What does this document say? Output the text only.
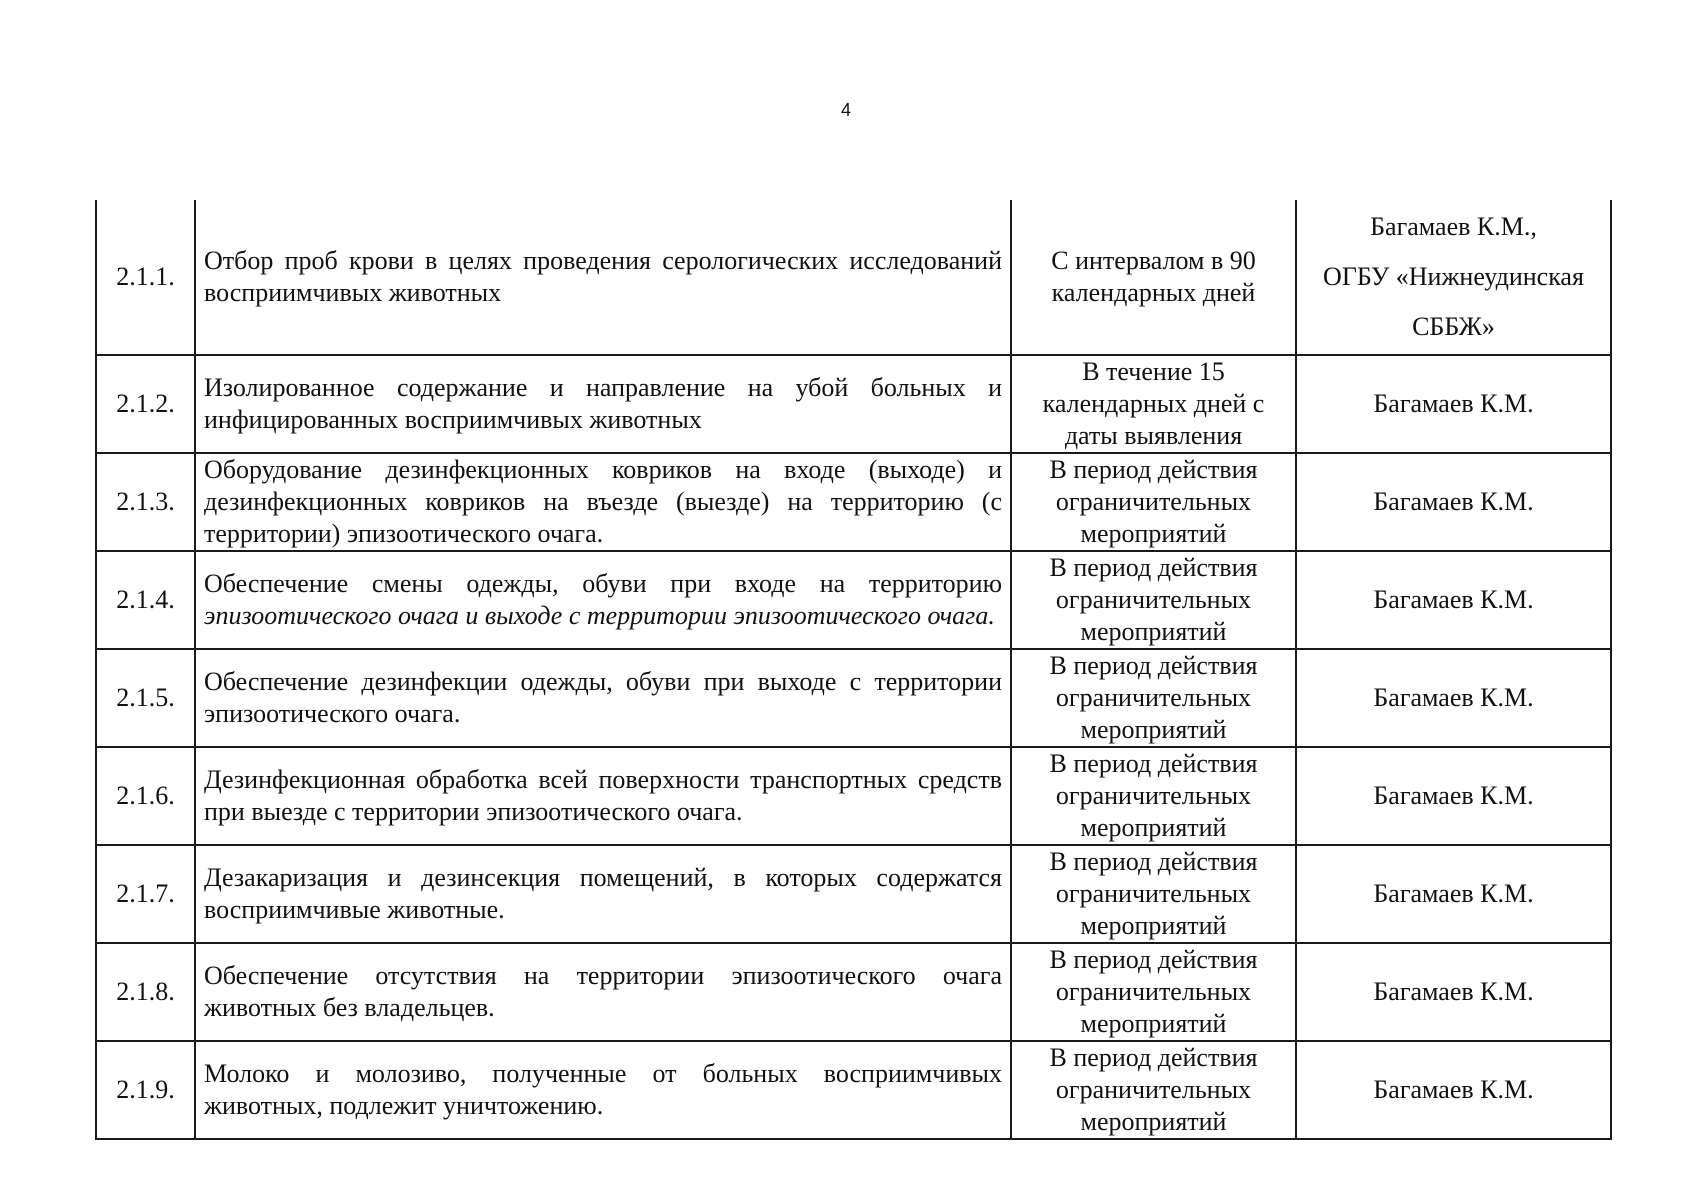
4
2.1.1.	Отбор проб крови в целях проведения серологических исследований восприимчивых животных	С интервалом в 90 календарных дней	Багамаев К.М.,
ОГБУ «Нижнеудинская
СББЖ»

2.1.2.	Изолированное содержание и направление на убой больных и инфицированных восприимчивых животных	В течение 15 календарных дней с даты выявления	Багамаев К.М.
2.1.3.	Оборудование дезинфекционных ковриков на входе (выходе) и дезинфекционных ковриков на въезде (выезде) на территорию (с территории) эпизоотического очага.	В период действия ограничительных мероприятий	Багамаев К.М.
2.1.4.	Обеспечение смены одежды, обуви при входе на территорию эпизоотического очага и выходе с территории эпизоотического очага.	В период действия ограничительных мероприятий	Багамаев К.М.
2.1.5.	Обеспечение дезинфекции одежды, обуви при выходе с территории эпизоотического очага.	В период действия ограничительных мероприятий	Багамаев К.М.
2.1.6.	Дезинфекционная обработка всей поверхности транспортных средств при выезде с территории эпизоотического очага.	В период действия ограничительных мероприятий	Багамаев К.М.
2.1.7.	Дезакаризация и дезинсекция помещений, в которых содержатся восприимчивые животные.	В период действия ограничительных мероприятий	Багамаев К.М.
2.1.8.	Обеспечение отсутствия на территории эпизоотического очага животных без владельцев.	В период действия ограничительных мероприятий	Багамаев К.М.
2.1.9.	Молоко и молозиво, полученные от больных восприимчивых животных, подлежит уничтожению.	В период действия ограничительных мероприятий	Багамаев К.М.
